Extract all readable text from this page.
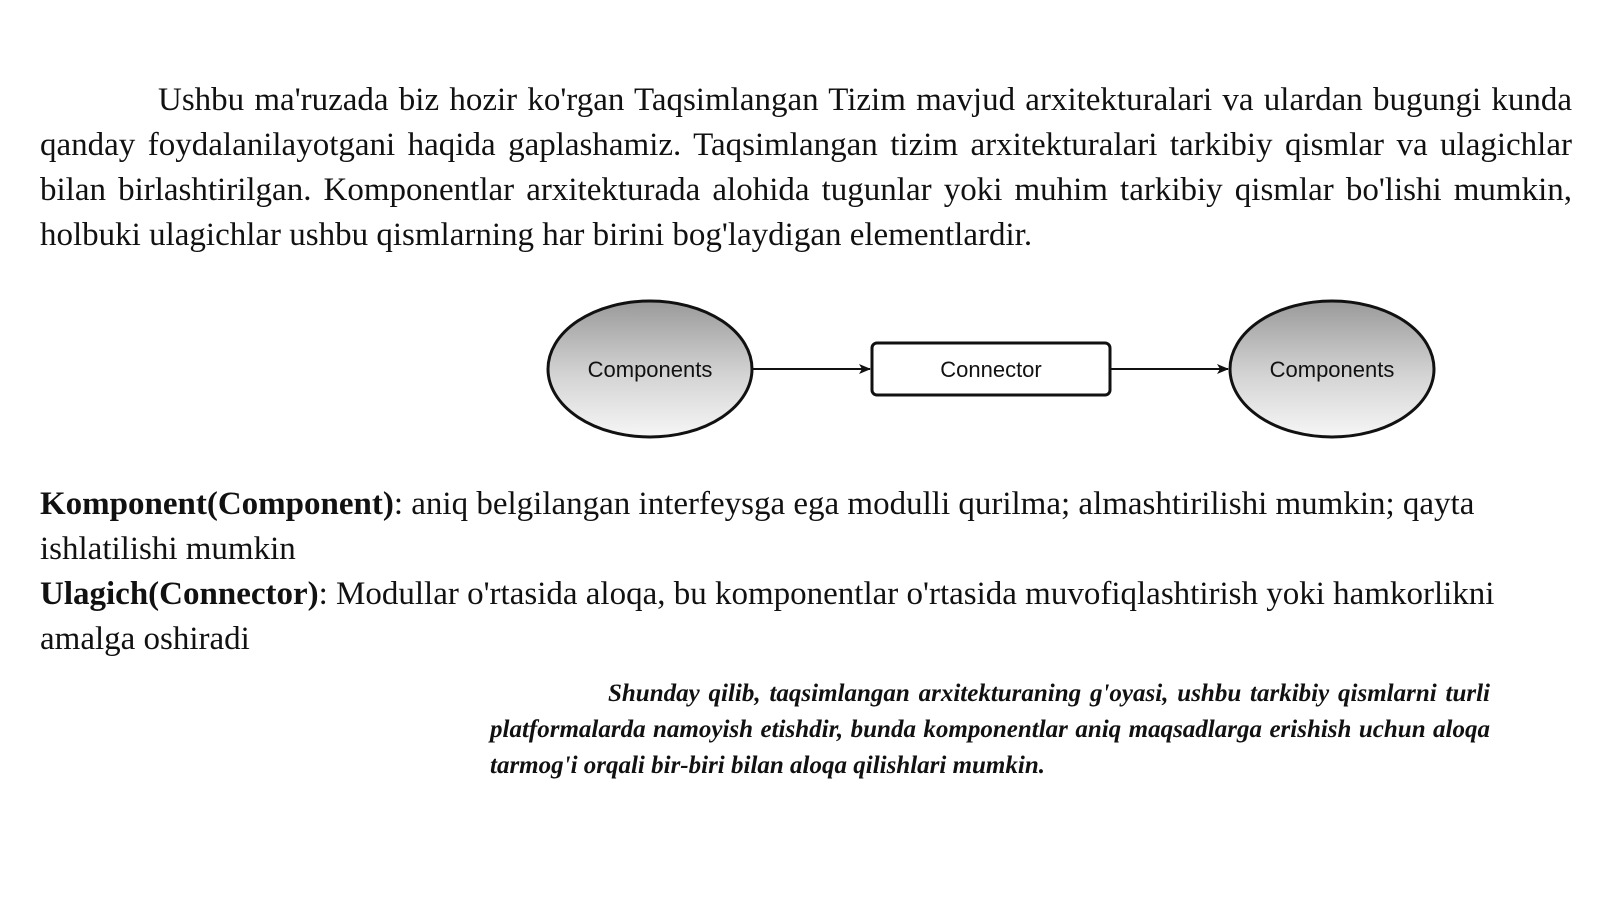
Ushbu ma'ruzada biz hozir ko'rgan Taqsimlangan Tizim mavjud arxitekturalari va ulardan bugungi kunda qanday foydalanilayotgani haqida gaplashamiz. Taqsimlangan tizim arxitekturalari tarkibiy qismlar va ulagichlar bilan birlashtirilgan. Komponentlar arxitekturada alohida tugunlar yoki muhim tarkibiy qismlar bo'lishi mumkin, holbuki ulagichlar ushbu qismlarning har birini bog'laydigan elementlardir.

Components	Connector	Components

Komponent(Component): aniq belgilangan interfeysga ega modulli qurilma; almashtirilishi mumkin; qayta ishlatilishi mumkin

Ulagich(Connector): Modullar o'rtasida aloqa, bu komponentlar o'rtasida muvofiqlashtirish yoki hamkorlikni amalga oshiradi

Shunday qilib, taqsimlangan arxitekturaning g'oyasi, ushbu tarkibiy qismlarni turli platformalarda namoyish etishdir, bunda komponentlar aniq maqsadlarga erishish uchun aloqa tarmog'i orqali bir-biri bilan aloqa qilishlari mumkin.
